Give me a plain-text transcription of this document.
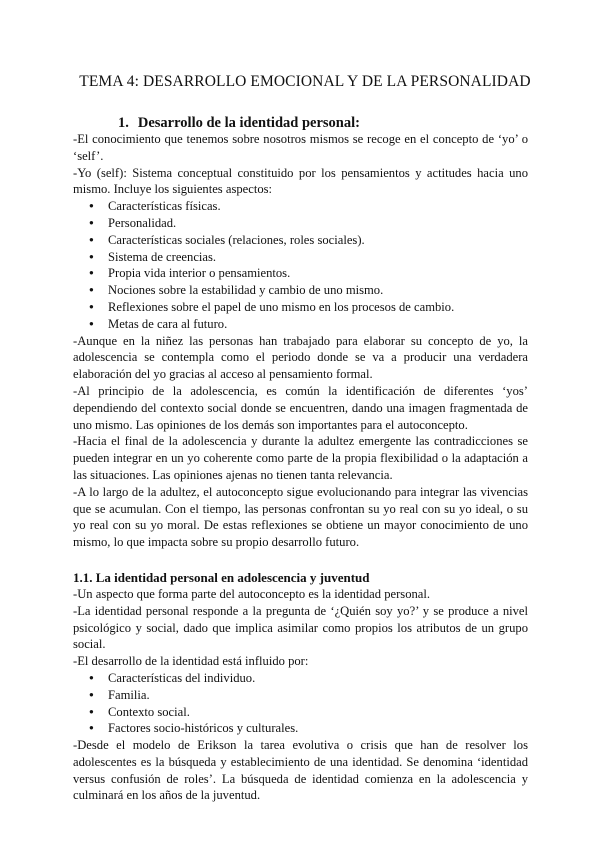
TEMA 4: DESARROLLO EMOCIONAL Y DE LA PERSONALIDAD
1. Desarrollo de la identidad personal:

-El conocimiento que tenemos sobre nosotros mismos se recoge en el concepto de ‘yo’ o ‘self’.

-Yo (self): Sistema conceptual constituido por los pensamientos y actitudes hacia uno mismo. Incluye los siguientes aspectos:

● Características físicas.
● Personalidad.
● Características sociales (relaciones, roles sociales).
● Sistema de creencias.
● Propia vida interior o pensamientos.
● Nociones sobre la estabilidad y cambio de uno mismo.
● Reflexiones sobre el papel de uno mismo en los procesos de cambio.
● Metas de cara al futuro.

-Aunque en la niñez las personas han trabajado para elaborar su concepto de yo, la adolescencia se contempla como el periodo donde se va a producir una verdadera elaboración del yo gracias al acceso al pensamiento formal.

-Al principio de la adolescencia, es común la identificación de diferentes ‘yos’ dependiendo del contexto social donde se encuentren, dando una imagen fragmentada de uno mismo. Las opiniones de los demás son importantes para el autoconcepto.

-Hacia el final de la adolescencia y durante la adultez emergente las contradicciones se pueden integrar en un yo coherente como parte de la propia flexibilidad o la adaptación a las situaciones. Las opiniones ajenas no tienen tanta relevancia.

-A lo largo de la adultez, el autoconcepto sigue evolucionando para integrar las vivencias que se acumulan. Con el tiempo, las personas confrontan su yo real con su yo ideal, o su yo real con su yo moral. De estas reflexiones se obtiene un mayor conocimiento de uno mismo, lo que impacta sobre su propio desarrollo futuro.

1.1. La identidad personal en adolescencia y juventud

-Un aspecto que forma parte del autoconcepto es la identidad personal.

-La identidad personal responde a la pregunta de ‘¿Quién soy yo?’ y se produce a nivel psicológico y social, dado que implica asimilar como propios los atributos de un grupo social.

-El desarrollo de la identidad está influido por:

● Características del individuo.
● Familia.
● Contexto social.
● Factores socio-históricos y culturales.

-Desde el modelo de Erikson la tarea evolutiva o crisis que han de resolver los adolescentes es la búsqueda y establecimiento de una identidad. Se denomina ‘identidad versus confusión de roles’. La búsqueda de identidad comienza en la adolescencia y culminará en los años de la juventud.
